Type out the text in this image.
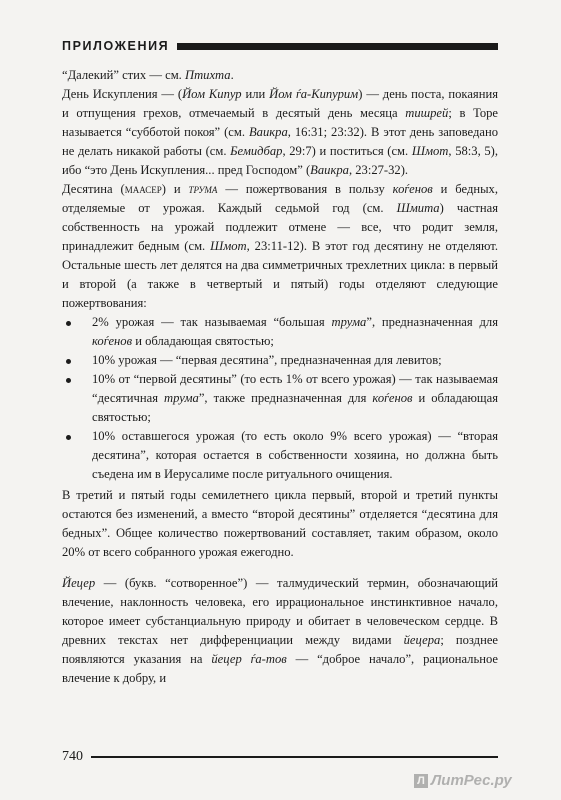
ПРИЛОЖЕНИЯ

“Далекий” стих — см. Птихта.

День Искупления — (Йом Кипур или Йом ѓа-Кипурим) — день поста, покаяния и отпущения грехов, отмечаемый в десятый день месяца тишрей; в Торе называется “субботой покоя” (см. Ваикра, 16:31; 23:32). В этот день заповедано не делать никакой работы (см. Бемидбар, 29:7) и поститься (см. Шмот, 58:3, 5), ибо “это День Искупления... пред Господом” (Ваикра, 23:27-32).

Десятина (маасер) и трума — пожертвования в пользу коѓенов и бедных, отделяемые от урожая. Каждый седьмой год (см. Шмита) частная собственность на урожай подлежит отмене — все, что родит земля, принадлежит бедным (см. Шмот, 23:11-12). В этот год десятину не отделяют. Остальные шесть лет делятся на два симметричных трехлетних цикла: в первый и второй (а также в четвертый и пятый) годы отделяют следующие пожертвования:

2% урожая — так называемая “большая трума”, предназначенная для коѓенов и обладающая святостью;
10% урожая — “первая десятина”, предназначенная для левитов;
10% от “первой десятины” (то есть 1% от всего урожая) — так называемая “десятичная трума”, также предназначенная для коѓенов и обладающая святостью;
10% оставшегося урожая (то есть около 9% всего урожая) — “вторая десятина”, которая остается в собственности хозяина, но должна быть съедена им в Иерусалиме после ритуального очищения.

В третий и пятый годы семилетнего цикла первый, второй и третий пункты остаются без изменений, а вместо “второй десятины” отделяется “десятина для бедных”. Общее количество пожертвований составляет, таким образом, около 20% от всего собранного урожая ежегодно.

Йецер — (букв. “сотворенное”) — талмудический термин, обозначающий влечение, наклонность человека, его иррациональное инстинктивное начало, которое имеет субстанциальную природу и обитает в человеческом сердце. В древних текстах нет дифференциации между видами йецера; позднее появляются указания на йецер ѓа-тов — “доброе начало”, рациональное влечение к добру, и

740
Л ЛитРес.ру
